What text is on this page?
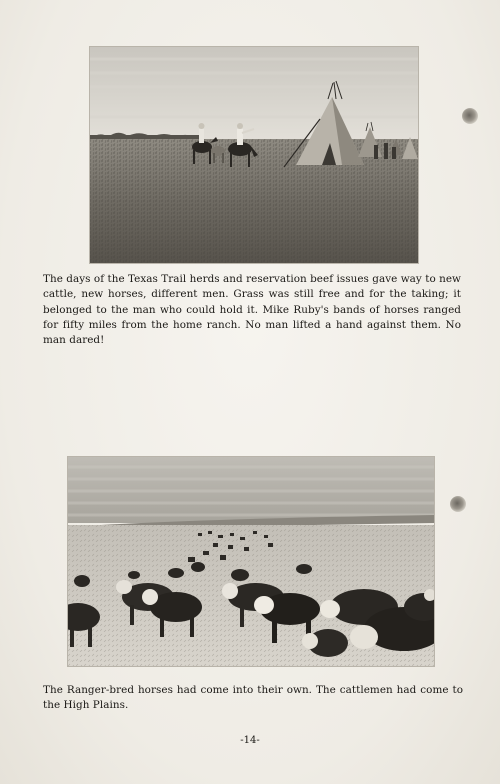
The days of the Texas Trail herds and reservation beef issues gave way to new cattle, new horses, different men. Grass was still free and for the taking; it belonged to the man who could hold it. Mike Ruby's bands of horses ranged for fifty miles from the home ranch. No man lifted a hand against them. No man dared!

The Ranger-bred horses had come into their own. The cattlemen had come to the High Plains.

-14-
